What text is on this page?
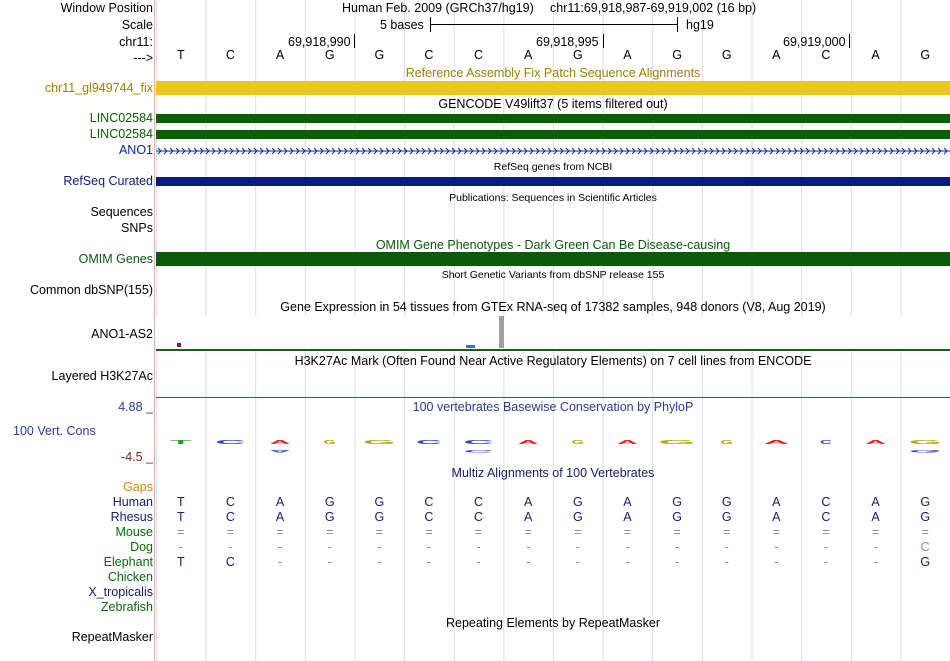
Window Position
Scale
chr11:
--->
Human Feb. 2009 (GRCh37/hg19) chr11:69,918,987-69,919,002 (16 bp)
5 bases	hg19
69,918,990	69,918,995	69,919,000
T	C	A	G	G	C	C	A	G	A	G	G	A	C	A	G
Reference Assembly Fix Patch Sequence Alignments
chr11_gl949744_fix
GENCODE V49lift37 (5 items filtered out)
LINC02584
LINC02584
ANO1
RefSeq genes from NCBI
RefSeq Curated
Publications: Sequences in Scientific Articles
Sequences
SNPs
OMIM Gene Phenotypes - Dark Green Can Be Disease-causing
OMIM Genes
Short Genetic Variants from dbSNP release 155
Common dbSNP(155)
Gene Expression in 54 tissues from GTEx RNA-seq of 17382 samples, 948 donors (V8, Aug 2019)
ANO1-AS2
H3K27Ac Mark (Often Found Near Active Regulatory Elements) on 7 cell lines from ENCODE
Layered H3K27Ac
100 vertebrates Basewise Conservation by PhyloP
4.88 _
100 Vert. Cons
-4.5 _
T C A
A
G G C C
C
A G A G G A C A G
G
Multiz Alignments of 100 Vertebrates
Gaps
Human	T	C	A	G	G	C	C	A	G	A	G	G	A	C	A	G
Rhesus	T	C	A	G	G	C	C	A	G	A	G	G	A	C	A	G
Mouse	=	=	=	=	=	=	=	=	=	=	=	=	=	=	=	=
Dog	-	-	-	-	-	-	-	-	-	-	-	-	-	-	-	C
Elephant	T	C	-	-	-	-	-	-	-	-	-	-	-	-	-	G
Chicken
X_tropicalis
Zebrafish
Repeating Elements by RepeatMasker
RepeatMasker
